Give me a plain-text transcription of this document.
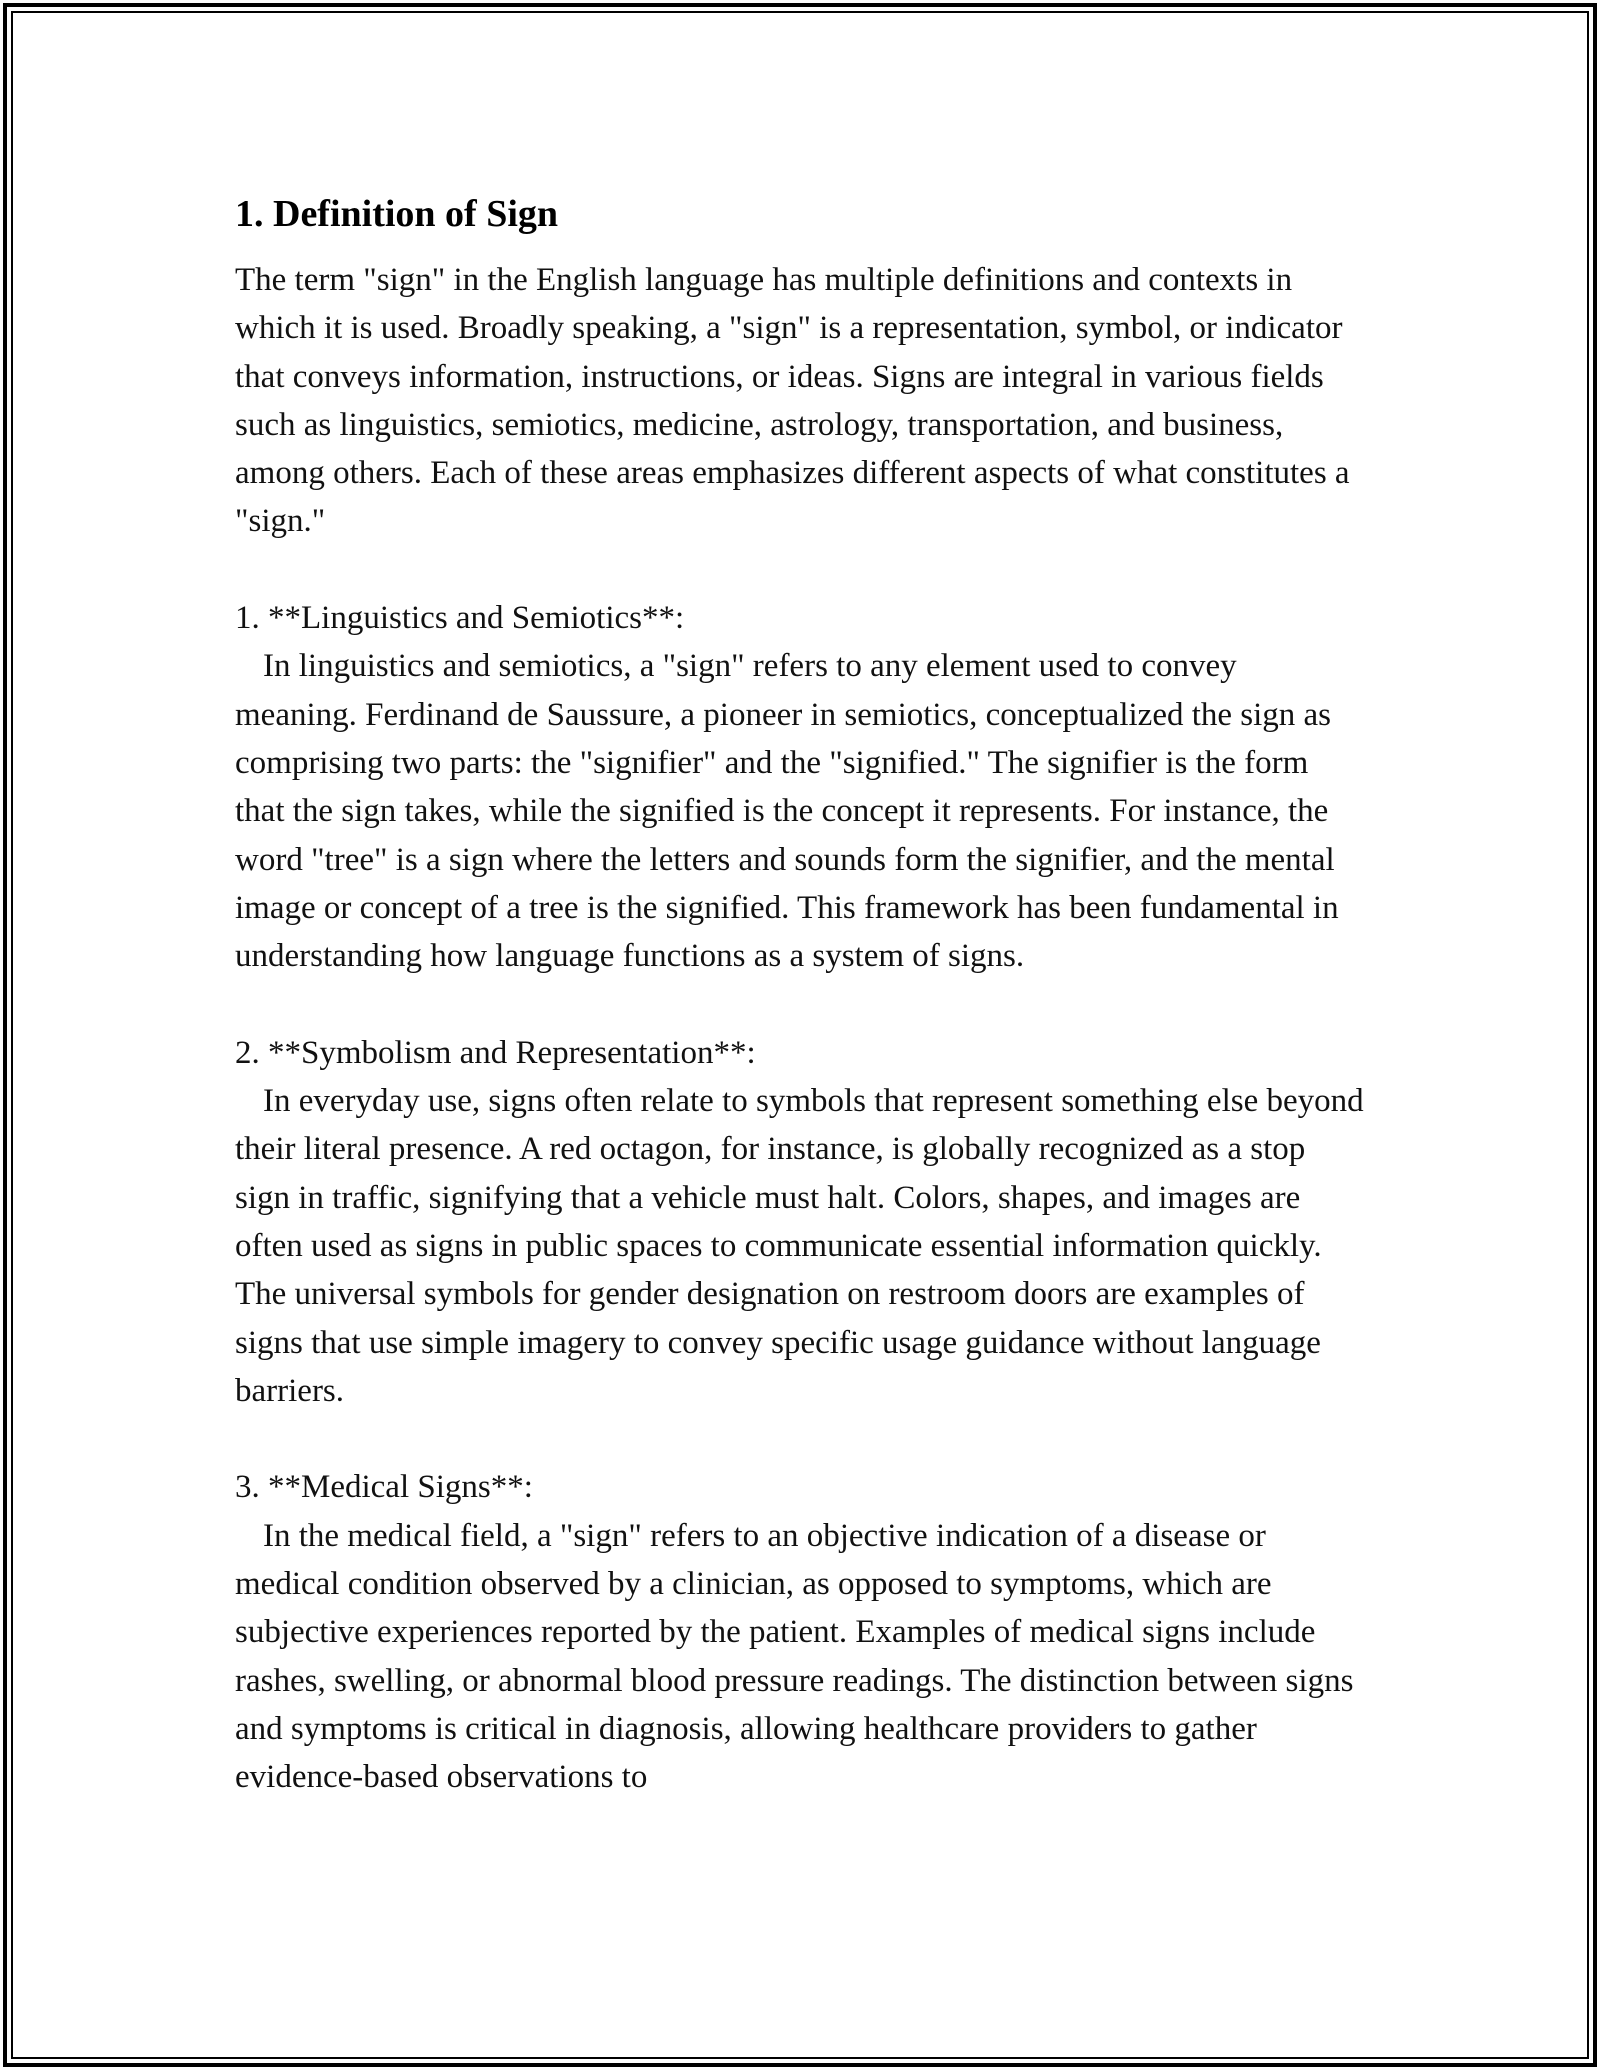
1. Definition of Sign

The term "sign" in the English language has multiple definitions and contexts in which it is used. Broadly speaking, a "sign" is a representation, symbol, or indicator that conveys information, instructions, or ideas. Signs are integral in various fields such as linguistics, semiotics, medicine, astrology, transportation, and business, among others. Each of these areas emphasizes different aspects of what constitutes a "sign."

1. **Linguistics and Semiotics**:

In linguistics and semiotics, a "sign" refers to any element used to convey meaning. Ferdinand de Saussure, a pioneer in semiotics, conceptualized the sign as comprising two parts: the "signifier" and the "signified." The signifier is the form that the sign takes, while the signified is the concept it represents. For instance, the word "tree" is a sign where the letters and sounds form the signifier, and the mental image or concept of a tree is the signified. This framework has been fundamental in understanding how language functions as a system of signs.

2. **Symbolism and Representation**:

In everyday use, signs often relate to symbols that represent something else beyond their literal presence. A red octagon, for instance, is globally recognized as a stop sign in traffic, signifying that a vehicle must halt. Colors, shapes, and images are often used as signs in public spaces to communicate essential information quickly. The universal symbols for gender designation on restroom doors are examples of signs that use simple imagery to convey specific usage guidance without language barriers.

3. **Medical Signs**:

In the medical field, a "sign" refers to an objective indication of a disease or medical condition observed by a clinician, as opposed to symptoms, which are subjective experiences reported by the patient. Examples of medical signs include rashes, swelling, or abnormal blood pressure readings. The distinction between signs and symptoms is critical in diagnosis, allowing healthcare providers to gather evidence-based observations to
